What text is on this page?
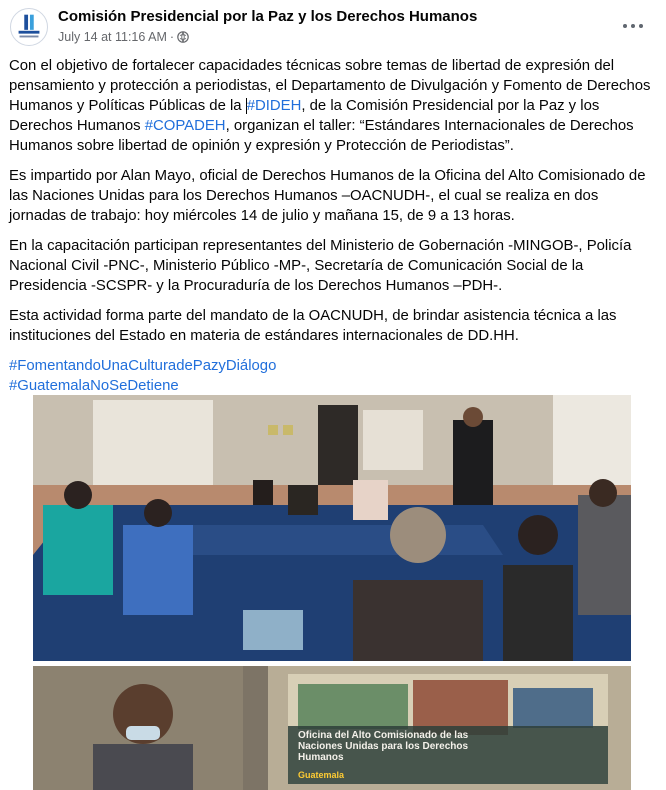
Comisión Presidencial por la Paz y los Derechos Humanos
July 14 at 11:16 AM ·

Con el objetivo de fortalecer capacidades técnicas sobre temas de libertad de expresión del pensamiento y protección a periodistas, el Departamento de Divulgación y Fomento de Derechos Humanos y Políticas Públicas de la #DIDEH, de la Comisión Presidencial por la Paz y los Derechos Humanos #COPADEH, organizan el taller: “Estándares Internacionales de Derechos Humanos sobre libertad de opinión y expresión y Protección de Periodistas”.

Es impartido por Alan Mayo, oficial de Derechos Humanos de la Oficina del Alto Comisionado de las Naciones Unidas para los Derechos Humanos –OACNUDH-, el cual se realiza en dos jornadas de trabajo: hoy miércoles 14 de julio y mañana 15, de 9 a 13 horas.

En la capacitación participan representantes del Ministerio de Gobernación -MINGOB-, Policía Nacional Civil -PNC-, Ministerio Público -MP-, Secretaría de Comunicación Social de la Presidencia -SCSPR- y la Procuraduría de los Derechos Humanos –PDH-.

Esta actividad forma parte del mandato de la OACNUDH, de brindar asistencia técnica a las instituciones del Estado en materia de estándares internacionales de DD.HH.

#FomentandoUnaCulturadePazyDiálogo
#GuatemalaNoSeDetiene

Oficina del Alto Comisionado de las Naciones Unidas para los Derechos Humanos
Guatemala
